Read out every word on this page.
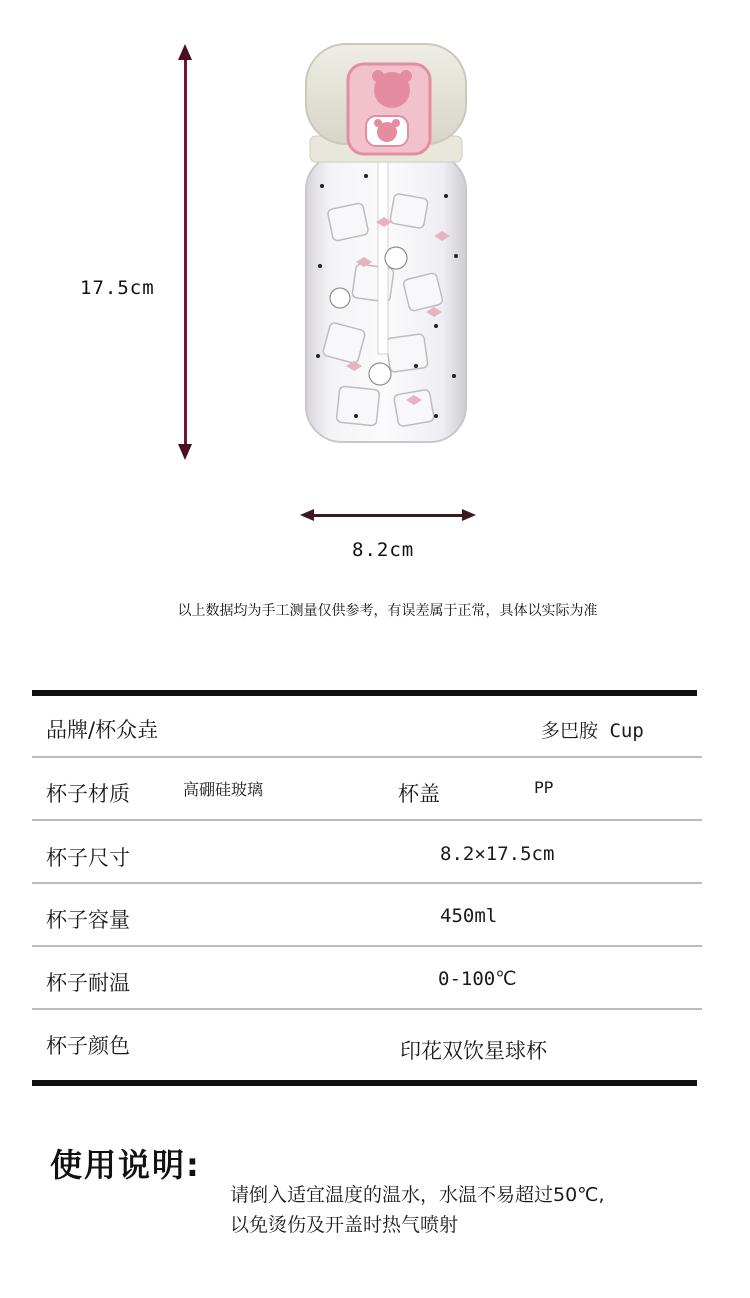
17.5cm
8.2cm
以上数据均为手工测量仅供参考，有误差属于正常，具体以实际为准
品牌/杯众垚	多巴胺 Cup
杯子材质	高硼硅玻璃	杯盖	PP
杯子尺寸	8.2×17.5cm
杯子容量	450ml
杯子耐温	0-100℃
杯子颜色	印花双饮星球杯
使用说明:
请倒入适宜温度的温水，水温不易超过50℃,
以免烫伤及开盖时热气喷射
